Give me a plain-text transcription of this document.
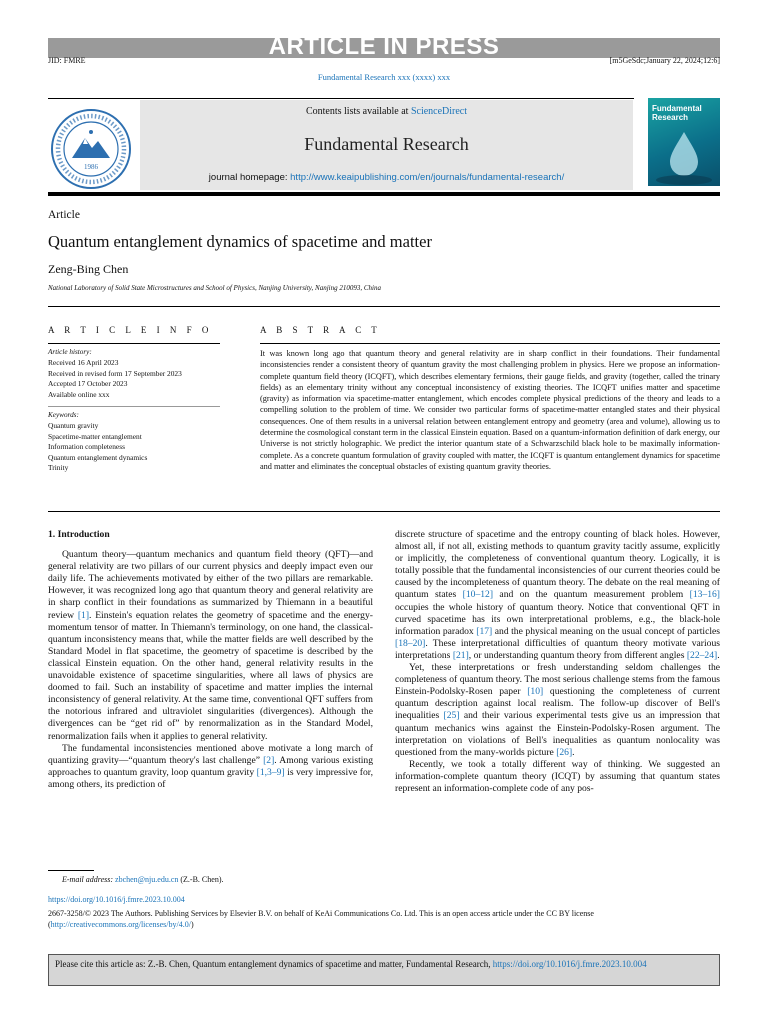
ARTICLE IN PRESS
JID: FMRE	[m5GeSdc;January 22, 2024;12:6]
Fundamental Research xxx (xxxx) xxx
1986
Contents lists available at ScienceDirect
Fundamental Research
journal homepage: http://www.keaipublishing.com/en/journals/fundamental-research/
Fundamental
Research
Article
Quantum entanglement dynamics of spacetime and matter
Zeng-Bing Chen
National Laboratory of Solid State Microstructures and School of Physics, Nanjing University, Nanjing 210093, China
A R T I C L E I N F O
Article history:
Received 16 April 2023
Received in revised form 17 September 2023
Accepted 17 October 2023
Available online xxx
Keywords:
Quantum gravity
Spacetime-matter entanglement
Information completeness
Quantum entanglement dynamics
Trinity
A B S T R A C T
It was known long ago that quantum theory and general relativity are in sharp conflict in their foundations. Their fundamental inconsistencies render a consistent theory of quantum gravity the most challenging problem in physics. Here we propose an information-complete quantum field theory (ICQFT), which describes elementary fermions, their gauge fields, and gravity (together, called the trinary fields) as an elementary trinity without any conceptual inconsistency of existing theories. The ICQFT unifies matter and spacetime (gravity) as information via spacetime-matter entanglement, which encodes complete physical predictions of the theory and leads to a compelling solution to the problem of time. We consider two particular forms of spacetime-matter entangled states and their physical consequences. One of them results in a universal relation between entanglement entropy and geometry (area and volume), allowing us to determine the cosmological constant term in the classical Einstein equation. Based on a quantum-information definition of dark energy, our Universe is not strictly holographic. We predict the interior quantum state of a Schwarzschild black hole to be maximally information-complete. As a concrete quantum formulation of gravity coupled with matter, the ICQFT is quantum entanglement dynamics for spacetime and matter and eliminates the conceptual obstacles of existing quantum gravity theories.
1. Introduction

Quantum theory—quantum mechanics and quantum field theory (QFT)—and general relativity are two pillars of our current physics and deeply impact even our daily life. The achievements motivated by either of the two pillars are remarkable. However, it was recognized long ago that quantum theory and general relativity are in sharp conflict in their foundations as summarized by Thiemann in a beautiful review [1]. Einstein's equation relates the geometry of spacetime and the energy-momentum tensor of matter. In Thiemann's terminology, on one hand, the classical-quantum inconsistency means that, while the matter fields are well described by the Standard Model in flat spacetime, the geometry of spacetime is described by the classical Einstein equation. On the other hand, general relativity results in the unavoidable existence of spacetime singularities, where all laws of physics are doomed to fail. Such an instability of spacetime and matter implies the internal inconsistency of general relativity. At the same time, conventional QFT suffers from the notorious infrared and ultraviolet singularities (divergences). Although the divergences can be “get rid of” by renormalization as in the Standard Model, renormalization fails when it applies to general relativity.

The fundamental inconsistencies mentioned above motivate a long march of quantizing gravity—“quantum theory's last challenge” [2]. Among various existing approaches to quantum gravity, loop quantum gravity [1,3–9] is very impressive for, among others, its prediction of

discrete structure of spacetime and the entropy counting of black holes. However, almost all, if not all, existing methods to quantum gravity tacitly assume, explicitly or implicitly, the completeness of conventional quantum theory. Logically, it is totally possible that the fundamental inconsistencies of our current theories could be caused by the incompleteness of quantum theory. The debate on the real meaning of quantum states [10–12] and on the quantum measurement problem [13–16] occupies the whole history of quantum theory. Notice that conventional QFT in curved spacetime has its own interpretational problems, e.g., the black-hole information paradox [17] and the physical meaning on the usual concept of particles [18–20]. These interpretational difficulties of quantum theory motivate various interpretations [21], or understanding quantum theory from different angles [22–24].

Yet, these interpretations or fresh understanding seldom challenges the completeness of quantum theory. The most serious challenge stems from the famous Einstein-Podolsky-Rosen paper [10] questioning the completeness of current quantum description against local realism. The follow-up discover of Bell's inequalities [25] and their various experimental tests give us an impression that quantum mechanics wins against the Einstein-Podolsky-Rosen argument. The interpretation on violations of Bell's inequalities as quantum nonlocality was questioned from the many-worlds picture [26].

Recently, we took a totally different way of thinking. We suggested an information-complete quantum theory (ICQT) by assuming that quantum states represent an information-complete code of any pos-

E-mail address: zbchen@nju.edu.cn (Z.-B. Chen).
https://doi.org/10.1016/j.fmre.2023.10.004
2667-3258/© 2023 The Authors. Publishing Services by Elsevier B.V. on behalf of KeAi Communications Co. Ltd. This is an open access article under the CC BY license (http://creativecommons.org/licenses/by/4.0/)
Please cite this article as: Z.-B. Chen, Quantum entanglement dynamics of spacetime and matter, Fundamental Research, https://doi.org/10.1016/j.fmre.2023.10.004
